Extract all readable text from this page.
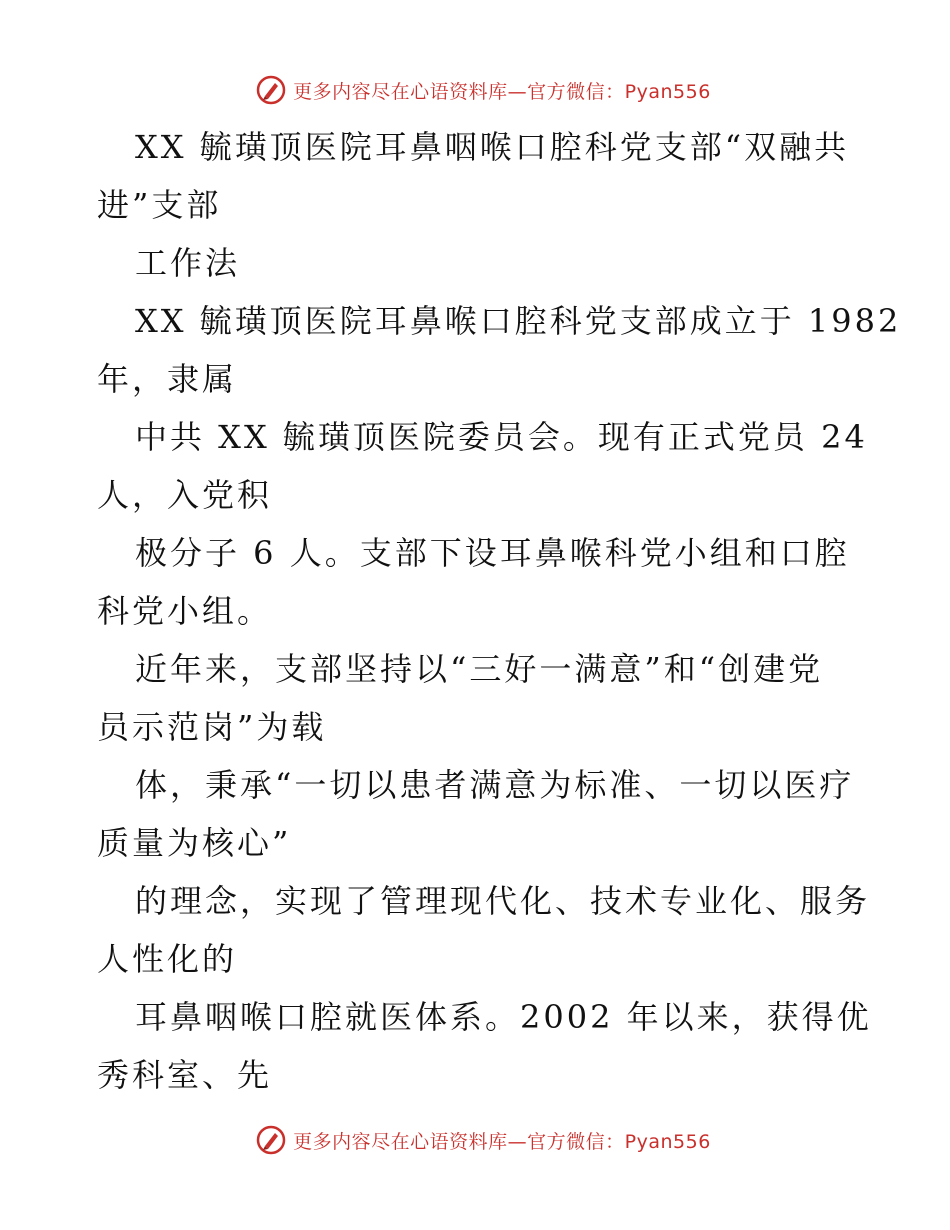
更多内容尽在心语资料库—官方微信：Pyan556

XX 毓璜顶医院耳鼻咽喉口腔科党支部“双融共
进”支部

工作法

XX 毓璜顶医院耳鼻喉口腔科党支部成立于 1982
年，隶属

中共 XX 毓璜顶医院委员会。现有正式党员 24
人，入党积

极分子 6 人。支部下设耳鼻喉科党小组和口腔
科党小组。

近年来，支部坚持以“三好一满意”和“创建党
员示范岗”为载

体，秉承“一切以患者满意为标准、一切以医疗
质量为核心”

的理念，实现了管理现代化、技术专业化、服务
人性化的

耳鼻咽喉口腔就医体系。2002 年以来，获得优
秀科室、先

更多内容尽在心语资料库—官方微信：Pyan556
